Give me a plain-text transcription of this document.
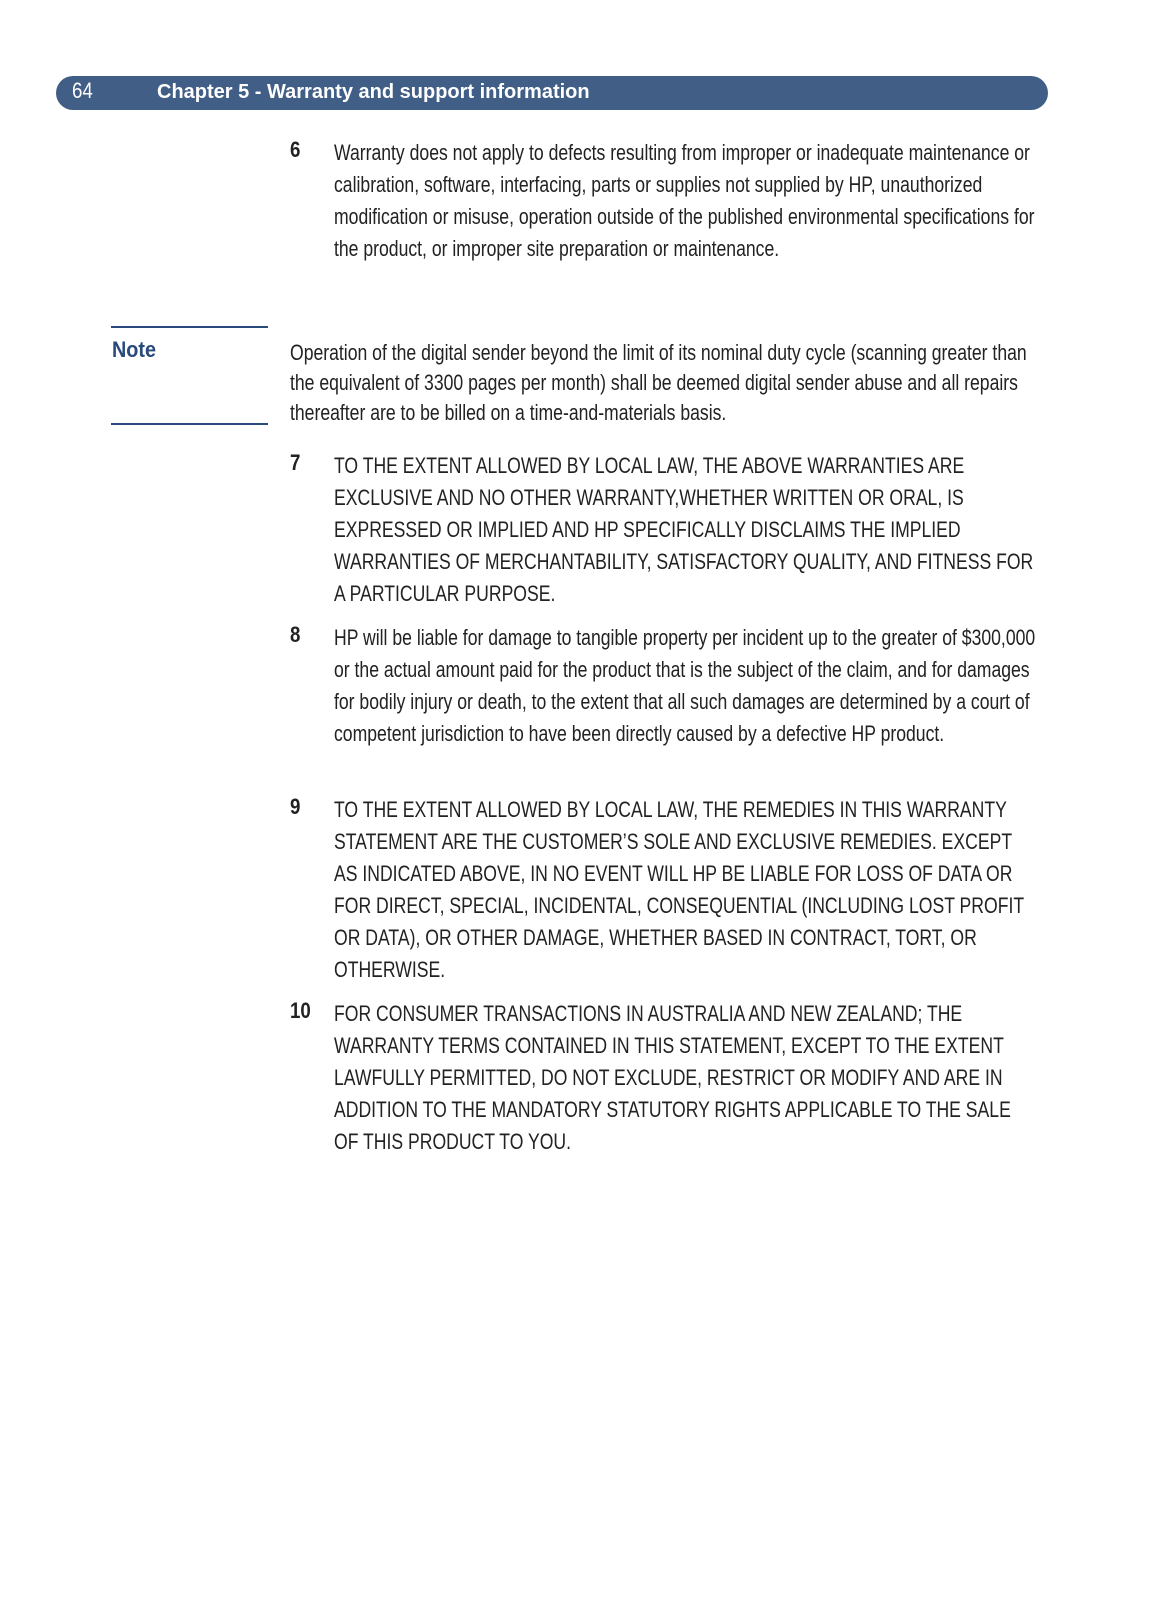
64	Chapter 5 - Warranty and support information
6 Warranty does not apply to defects resulting from improper or inadequate maintenance or calibration, software, interfacing, parts or supplies not supplied by HP, unauthorized modification or misuse, operation outside of the published environmental specifications for the product, or improper site preparation or maintenance.
Note	Operation of the digital sender beyond the limit of its nominal duty cycle (scanning greater than the equivalent of 3300 pages per month) shall be deemed digital sender abuse and all repairs thereafter are to be billed on a time-and-materials basis.
7 TO THE EXTENT ALLOWED BY LOCAL LAW, THE ABOVE WARRANTIES ARE EXCLUSIVE AND NO OTHER WARRANTY,WHETHER WRITTEN OR ORAL, IS EXPRESSED OR IMPLIED AND HP SPECIFICALLY DISCLAIMS THE IMPLIED WARRANTIES OF MERCHANTABILITY, SATISFACTORY QUALITY, AND FITNESS FOR A PARTICULAR PURPOSE.
8 HP will be liable for damage to tangible property per incident up to the greater of $300,000 or the actual amount paid for the product that is the subject of the claim, and for damages for bodily injury or death, to the extent that all such damages are determined by a court of competent jurisdiction to have been directly caused by a defective HP product.
9 TO THE EXTENT ALLOWED BY LOCAL LAW, THE REMEDIES IN THIS WARRANTY STATEMENT ARE THE CUSTOMER’S SOLE AND EXCLUSIVE REMEDIES. EXCEPT AS INDICATED ABOVE, IN NO EVENT WILL HP BE LIABLE FOR LOSS OF DATA OR FOR DIRECT, SPECIAL, INCIDENTAL, CONSEQUENTIAL (INCLUDING LOST PROFIT OR DATA), OR OTHER DAMAGE, WHETHER BASED IN CONTRACT, TORT, OR OTHERWISE.
10 FOR CONSUMER TRANSACTIONS IN AUSTRALIA AND NEW ZEALAND; THE WARRANTY TERMS CONTAINED IN THIS STATEMENT, EXCEPT TO THE EXTENT LAWFULLY PERMITTED, DO NOT EXCLUDE, RESTRICT OR MODIFY AND ARE IN ADDITION TO THE MANDATORY STATUTORY RIGHTS APPLICABLE TO THE SALE OF THIS PRODUCT TO YOU.
